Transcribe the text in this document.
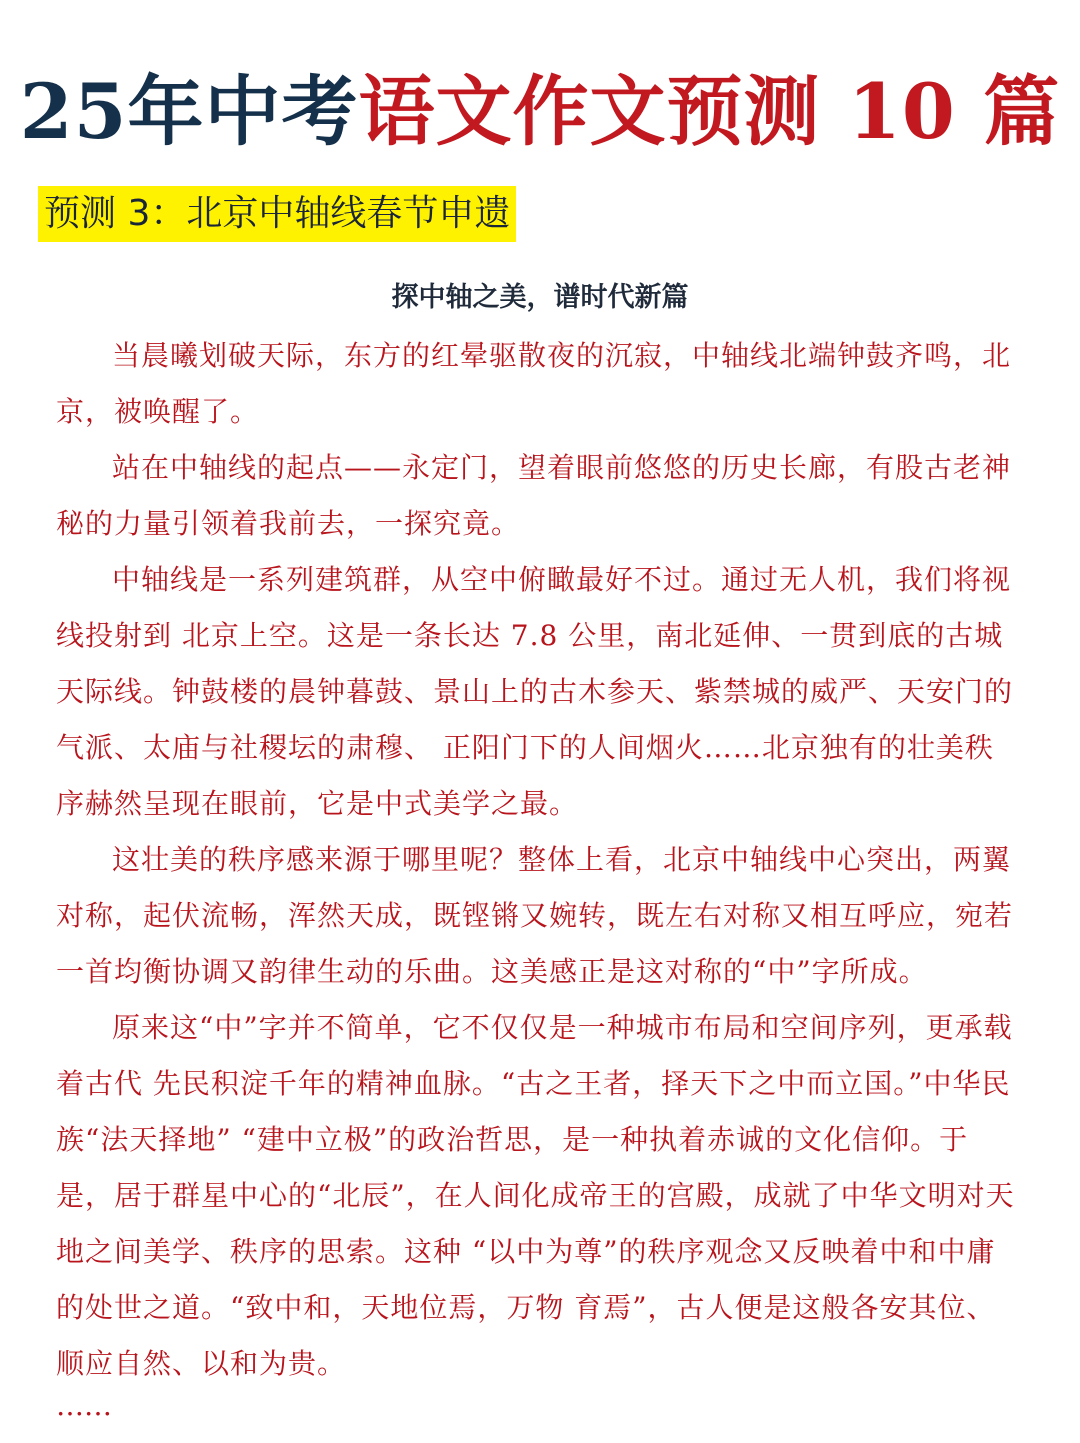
25年中考语文作文预测 10 篇
预测 3：北京中轴线春节申遗
探中轴之美，谱时代新篇

当晨曦划破天际，东方的红晕驱散夜的沉寂，中轴线北端钟鼓齐鸣，北京，被唤醒了。

站在中轴线的起点——永定门，望着眼前悠悠的历史长廊，有股古老神秘的力量引领着我前去，一探究竟。

中轴线是一系列建筑群，从空中俯瞰最好不过。通过无人机，我们将视线投射到 北京上空。这是一条长达 7.8 公里，南北延伸、一贯到底的古城天际线。钟鼓楼的晨钟暮鼓、景山上的古木参天、紫禁城的威严、天安门的气派、太庙与社稷坛的肃穆、 正阳门下的人间烟火……北京独有的壮美秩序赫然呈现在眼前，它是中式美学之最。

这壮美的秩序感来源于哪里呢？整体上看，北京中轴线中心突出，两翼对称，起伏流畅，浑然天成，既铿锵又婉转，既左右对称又相互呼应，宛若一首均衡协调又韵律生动的乐曲。这美感正是这对称的“中”字所成。

原来这“中”字并不简单，它不仅仅是一种城市布局和空间序列，更承载着古代 先民积淀千年的精神血脉。“古之王者，择天下之中而立国。”中华民族“法天择地” “建中立极”的政治哲思，是一种执着赤诚的文化信仰。于是，居于群星中心的“北辰”，在人间化成帝王的宫殿，成就了中华文明对天地之间美学、秩序的思索。这种 “以中为尊”的秩序观念又反映着中和中庸的处世之道。“致中和，天地位焉，万物 育焉”，古人便是这般各安其位、顺应自然、以和为贵。

……
